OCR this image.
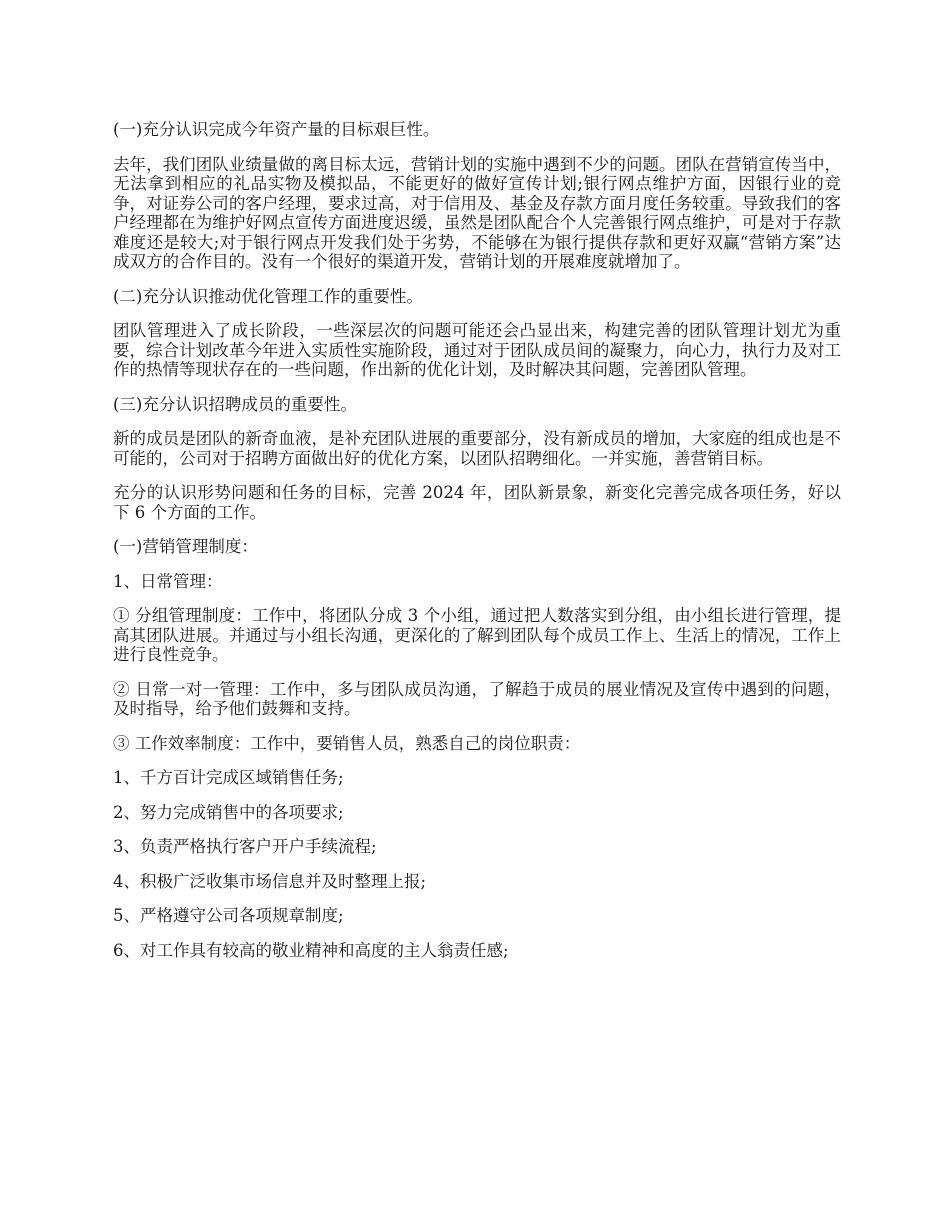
(一)充分认识完成今年资产量的目标艰巨性。

去年，我们团队业绩量做的离目标太远，营销计划的实施中遇到不少的问题。团队在营销宣传当中，无法拿到相应的礼品实物及模拟品，不能更好的做好宣传计划;银行网点维护方面，因银行业的竞争，对证券公司的客户经理，要求过高，对于信用及、基金及存款方面月度任务较重。导致我们的客户经理都在为维护好网点宣传方面进度迟缓，虽然是团队配合个人完善银行网点维护，可是对于存款难度还是较大;对于银行网点开发我们处于劣势，不能够在为银行提供存款和更好双赢“营销方案”达成双方的合作目的。没有一个很好的渠道开发，营销计划的开展难度就增加了。

(二)充分认识推动优化管理工作的重要性。

团队管理进入了成长阶段，一些深层次的问题可能还会凸显出来，构建完善的团队管理计划尤为重要，综合计划改革今年进入实质性实施阶段，通过对于团队成员间的凝聚力，向心力，执行力及对工作的热情等现状存在的一些问题，作出新的优化计划，及时解决其问题，完善团队管理。

(三)充分认识招聘成员的重要性。

新的成员是团队的新奇血液，是补充团队进展的重要部分，没有新成员的增加，大家庭的组成也是不可能的，公司对于招聘方面做出好的优化方案，以团队招聘细化。一并实施，善营销目标。

充分的认识形势问题和任务的目标，完善 2024 年，团队新景象，新变化完善完成各项任务，好以下 6 个方面的工作。

(一)营销管理制度：

1、日常管理：

① 分组管理制度：工作中，将团队分成 3 个小组，通过把人数落实到分组，由小组长进行管理，提高其团队进展。并通过与小组长沟通，更深化的了解到团队每个成员工作上、生活上的情况，工作上进行良性竞争。

② 日常一对一管理：工作中，多与团队成员沟通，了解趋于成员的展业情况及宣传中遇到的问题，及时指导，给予他们鼓舞和支持。

③ 工作效率制度：工作中，要销售人员，熟悉自己的岗位职责：

1、千方百计完成区域销售任务;

2、努力完成销售中的各项要求;

3、负责严格执行客户开户手续流程;

4、积极广泛收集市场信息并及时整理上报;

5、严格遵守公司各项规章制度;

6、对工作具有较高的敬业精神和高度的主人翁责任感;
